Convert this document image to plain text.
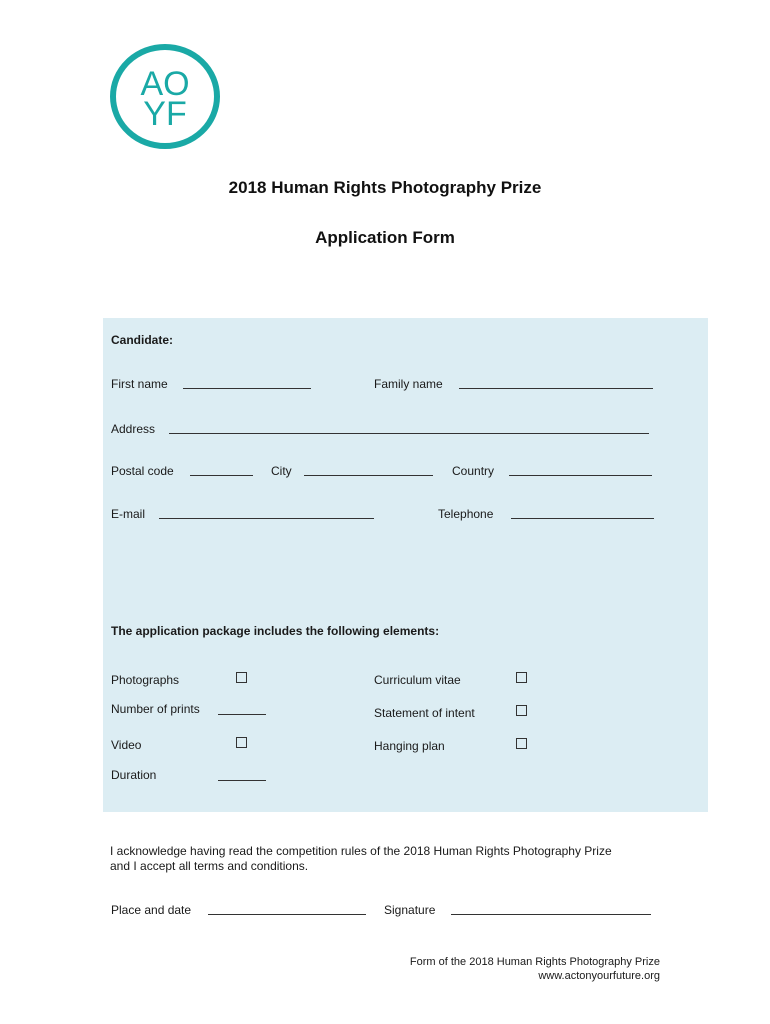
AO
YF
2018 Human Rights Photography Prize
Application Form
Candidate:
First name	Family name
Address
Postal code	City	Country
E-mail	Telephone
The application package includes the following elements:
Photographs	Curriculum vitae
Number of prints	Statement of intent
Video	Hanging plan
Duration
I acknowledge having read the competition rules of the 2018 Human Rights Photography Prize
and I accept all terms and conditions.
Place and date	Signature
Form of the 2018 Human Rights Photography Prize
www.actonyourfuture.org
